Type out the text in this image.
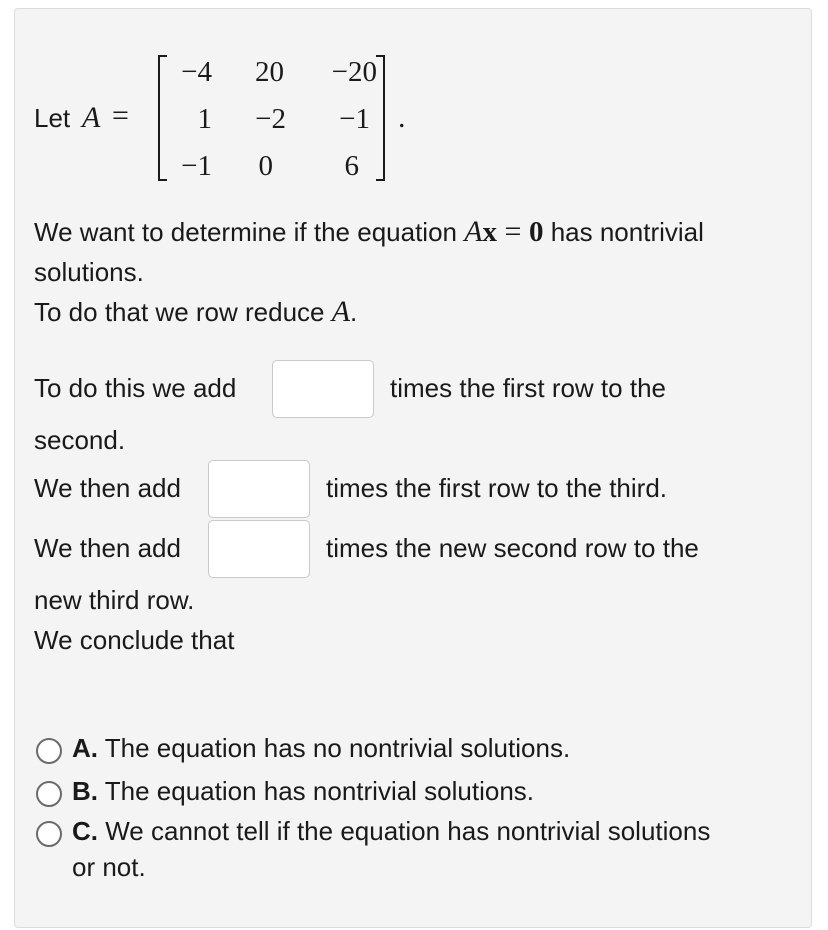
Let A =
−4	20	−20
1	−2	−1
−1	0	6
.
We want to determine if the equation Ax = 0 has nontrivial
solutions.
To do that we row reduce A.
To do this we add	times the first row to the
second.
We then add	times the first row to the third.
We then add	times the new second row to the
new third row.
We conclude that
A. The equation has no nontrivial solutions.
B. The equation has nontrivial solutions.
C. We cannot tell if the equation has nontrivial solutions
or not.
